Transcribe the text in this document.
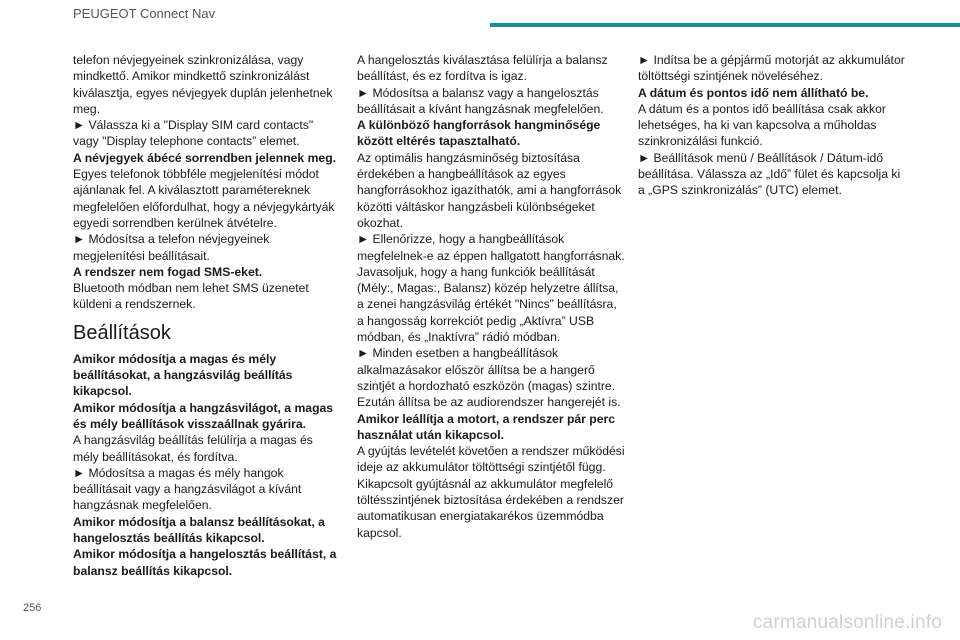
PEUGEOT Connect Nav

telefon névjegyeinek szinkronizálása, vagy mindkettő. Amikor mindkettő szinkronizálást kiválasztja, egyes névjegyek duplán jelenhetnek meg.

► Válassza ki a "Display SIM card contacts" vagy "Display telephone contacts” elemet.

A névjegyek ábécé sorrendben jelennek meg.

Egyes telefonok többféle megjelenítési módot ajánlanak fel. A kiválasztott paramétereknek megfelelően előfordulhat, hogy a névjegykártyák egyedi sorrendben kerülnek átvételre.

► Módosítsa a telefon névjegyeinek megjelenítési beállításait.

A rendszer nem fogad SMS-eket.

Bluetooth módban nem lehet SMS üzenetet küldeni a rendszernek.

Beállítások

Amikor módosítja a magas és mély beállításokat, a hangzásvilág beállítás kikapcsol.

Amikor módosítja a hangzásvilágot, a magas és mély beállítások visszaállnak gyárira.

A hangzásvilág beállítás felülírja a magas és mély beállításokat, és fordítva.

► Módosítsa a magas és mély hangok beállításait vagy a hangzásvilágot a kívánt hangzásnak megfelelően.

Amikor módosítja a balansz beállításokat, a hangelosztás beállítás kikapcsol.

Amikor módosítja a hangelosztás beállítást, a balansz beállítás kikapcsol.

A hangelosztás kiválasztása felülírja a balansz beállítást, és ez fordítva is igaz.

► Módosítsa a balansz vagy a hangelosztás beállításait a kívánt hangzásnak megfelelően.

A különböző hangforrások hangminősége között eltérés tapasztalható.

Az optimális hangzásminőség biztosítása érdekében a hangbeállítások az egyes hangforrásokhoz igazíthatók, ami a hangforrások közötti váltáskor hangzásbeli különbségeket okozhat.

► Ellenőrizze, hogy a hangbeállítások megfelelnek-e az éppen hallgatott hangforrásnak. Javasoljuk, hogy a hang funkciók beállítását (Mély:, Magas:, Balansz) közép helyzetre állítsa, a zenei hangzásvilág értékét "Nincs” beállításra, a hangosság korrekciót pedig „Aktívra” USB módban, és „Inaktívra” rádió módban.

► Minden esetben a hangbeállítások alkalmazásakor először állítsa be a hangerő szintjét a hordozható eszközön (magas) szintre. Ezután állítsa be az audiorendszer hangerejét is.

Amikor leállítja a motort, a rendszer pár perc használat után kikapcsol.

A gyújtás levételét követően a rendszer működési ideje az akkumulátor töltöttségi szintjétől függ.

Kikapcsolt gyújtásnál az akkumulátor megfelelő töltésszintjének biztosítása érdekében a rendszer automatikusan energiatakarékos üzemmódba kapcsol.

► Indítsa be a gépjármű motorját az akkumulátor töltöttségi szintjének növeléséhez.

A dátum és pontos idő nem állítható be.

A dátum és a pontos idő beállítása csak akkor lehetséges, ha ki van kapcsolva a műholdas szinkronizálási funkció.

► Beállítások menü / Beállítások / Dátum-idő beállítása. Válassza az „Idő” fület és kapcsolja ki a „GPS szinkronizálás” (UTC) elemet.

256
carmanualsonline.info
